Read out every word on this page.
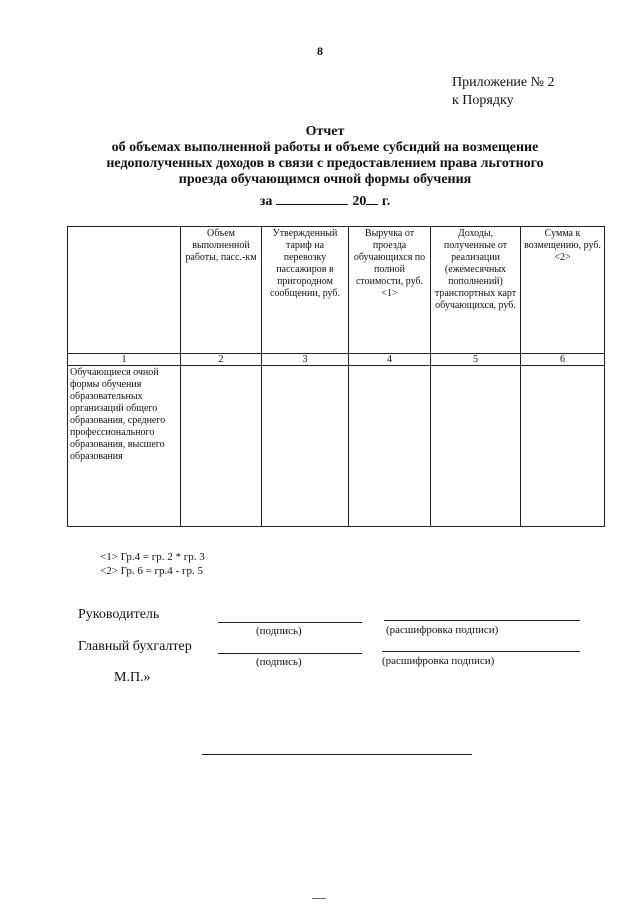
8
Приложение № 2
к Порядку
Отчет
об объемах выполненной работы и объеме субсидий на возмещение
недополученных доходов в связи с предоставлением права льготного
проезда обучающимся очной формы обучения
за	20 г.
	Объем выполненной работы, пасс.-км	Утвержденный тариф на перевозку пассажиров в пригородном сообщении, руб.	Выручка от проезда обучающихся по полной стоимости, руб. <1>	Доходы, полученные от реализации (ежемесячных пополнений) транспортных карт обучающихся, руб.	Сумма к возмещению, руб.<2>
1	2	3	4	5	6
Обучающиеся очной формы обучения образовательных организаций общего образования, среднего профессионального образования, высшего образования					
<1> Гр.4 = гр. 2 * гр. 3
<2> Гр. 6 = гр.4 - гр. 5
Руководитель
(подпись)	(расшифровка подписи)
Главный бухгалтер
(подпись)	(расшифровка подписи)
М.П.»
